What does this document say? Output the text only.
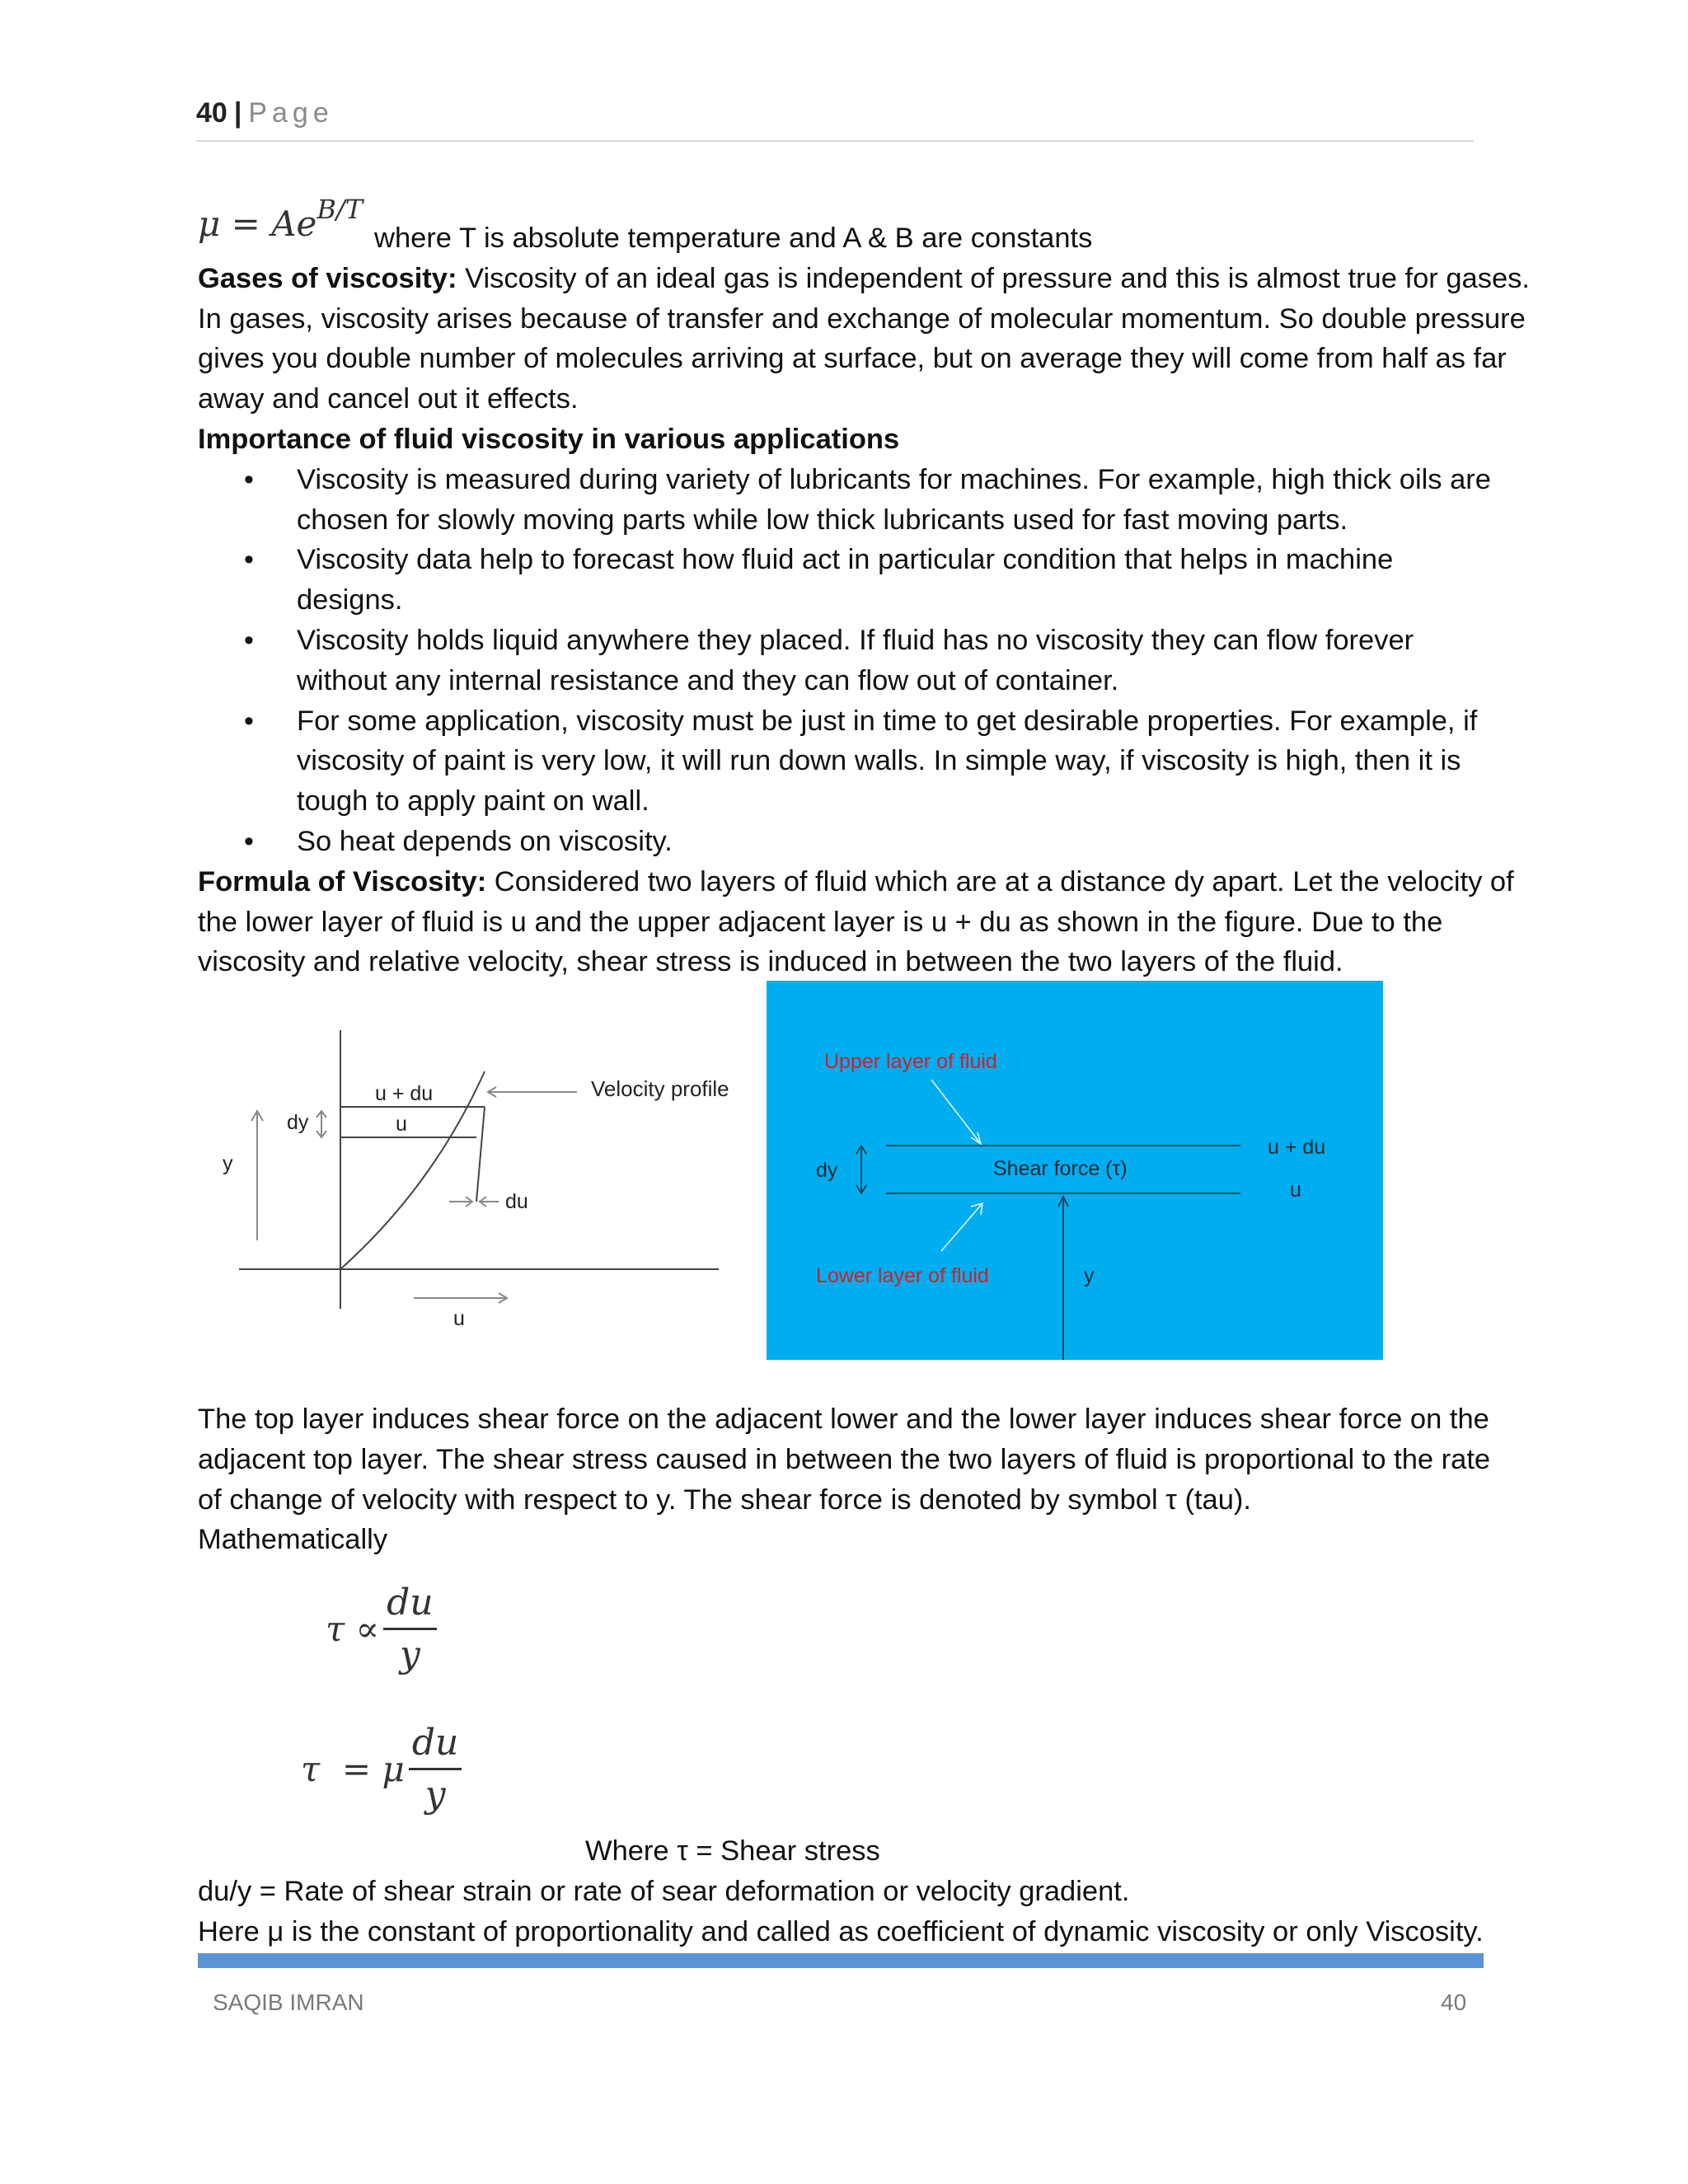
40 | Page
$\mu = Ae^{B/T}where$ T is absolute temperature and A & B are constants
Gases of viscosity: Viscosity of an ideal gas is independent of pressure and this is almost true for gases.
In gases, viscosity arises because of transfer and exchange of molecular momentum. So double pressure
gives you double number of molecules arriving at surface, but on average they will come from half as far
away and cancel out it effects.
Importance of fluid viscosity in various applications
• Viscosity is measured during variety of lubricants for machines. For example, high thick oils are
chosen for slowly moving parts while low thick lubricants used for fast moving parts.
• Viscosity data help to forecast how fluid act in particular condition that helps in machine
designs.
• Viscosity holds liquid anywhere they placed. If fluid has no viscosity they can flow forever
without any internal resistance and they can flow out of container.
• For some application, viscosity must be just in time to get desirable properties. For example, if
viscosity of paint is very low, it will run down walls. In simple way, if viscosity is high, then it is
tough to apply paint on wall.
• So heat depends on viscosity.
Formula of Viscosity: Considered two layers of fluid which are at a distance dy apart. Let the velocity of
the lower layer of fluid is u and the upper adjacent layer is u + du as shown in the figure. Due to the
viscosity and relative velocity, shear stress is induced in between the two layers of the fluid.
u + du
u
dy
y
du
u
Velocity profile
Upper layer of fluid
Lower layer of fluid
dy	Shear force (τ)
u + du
u
y
The top layer induces shear force on the adjacent lower and the lower layer induces shear force on the
adjacent top layer. The shear stress caused in between the two layers of fluid is proportional to the rate
of change of velocity with respect to y. The shear force is denoted by symbol τ (tau).
Mathematically
$\tau \propto \frac{du}{y}$
τ  = μ $\frac{du}{y}$
Where τ = Shear stress
du/y = Rate of shear strain or rate of sear deformation or velocity gradient.
Here μ is the constant of proportionality and called as coefficient of dynamic viscosity or only Viscosity.
SAQIB IMRAN	40
